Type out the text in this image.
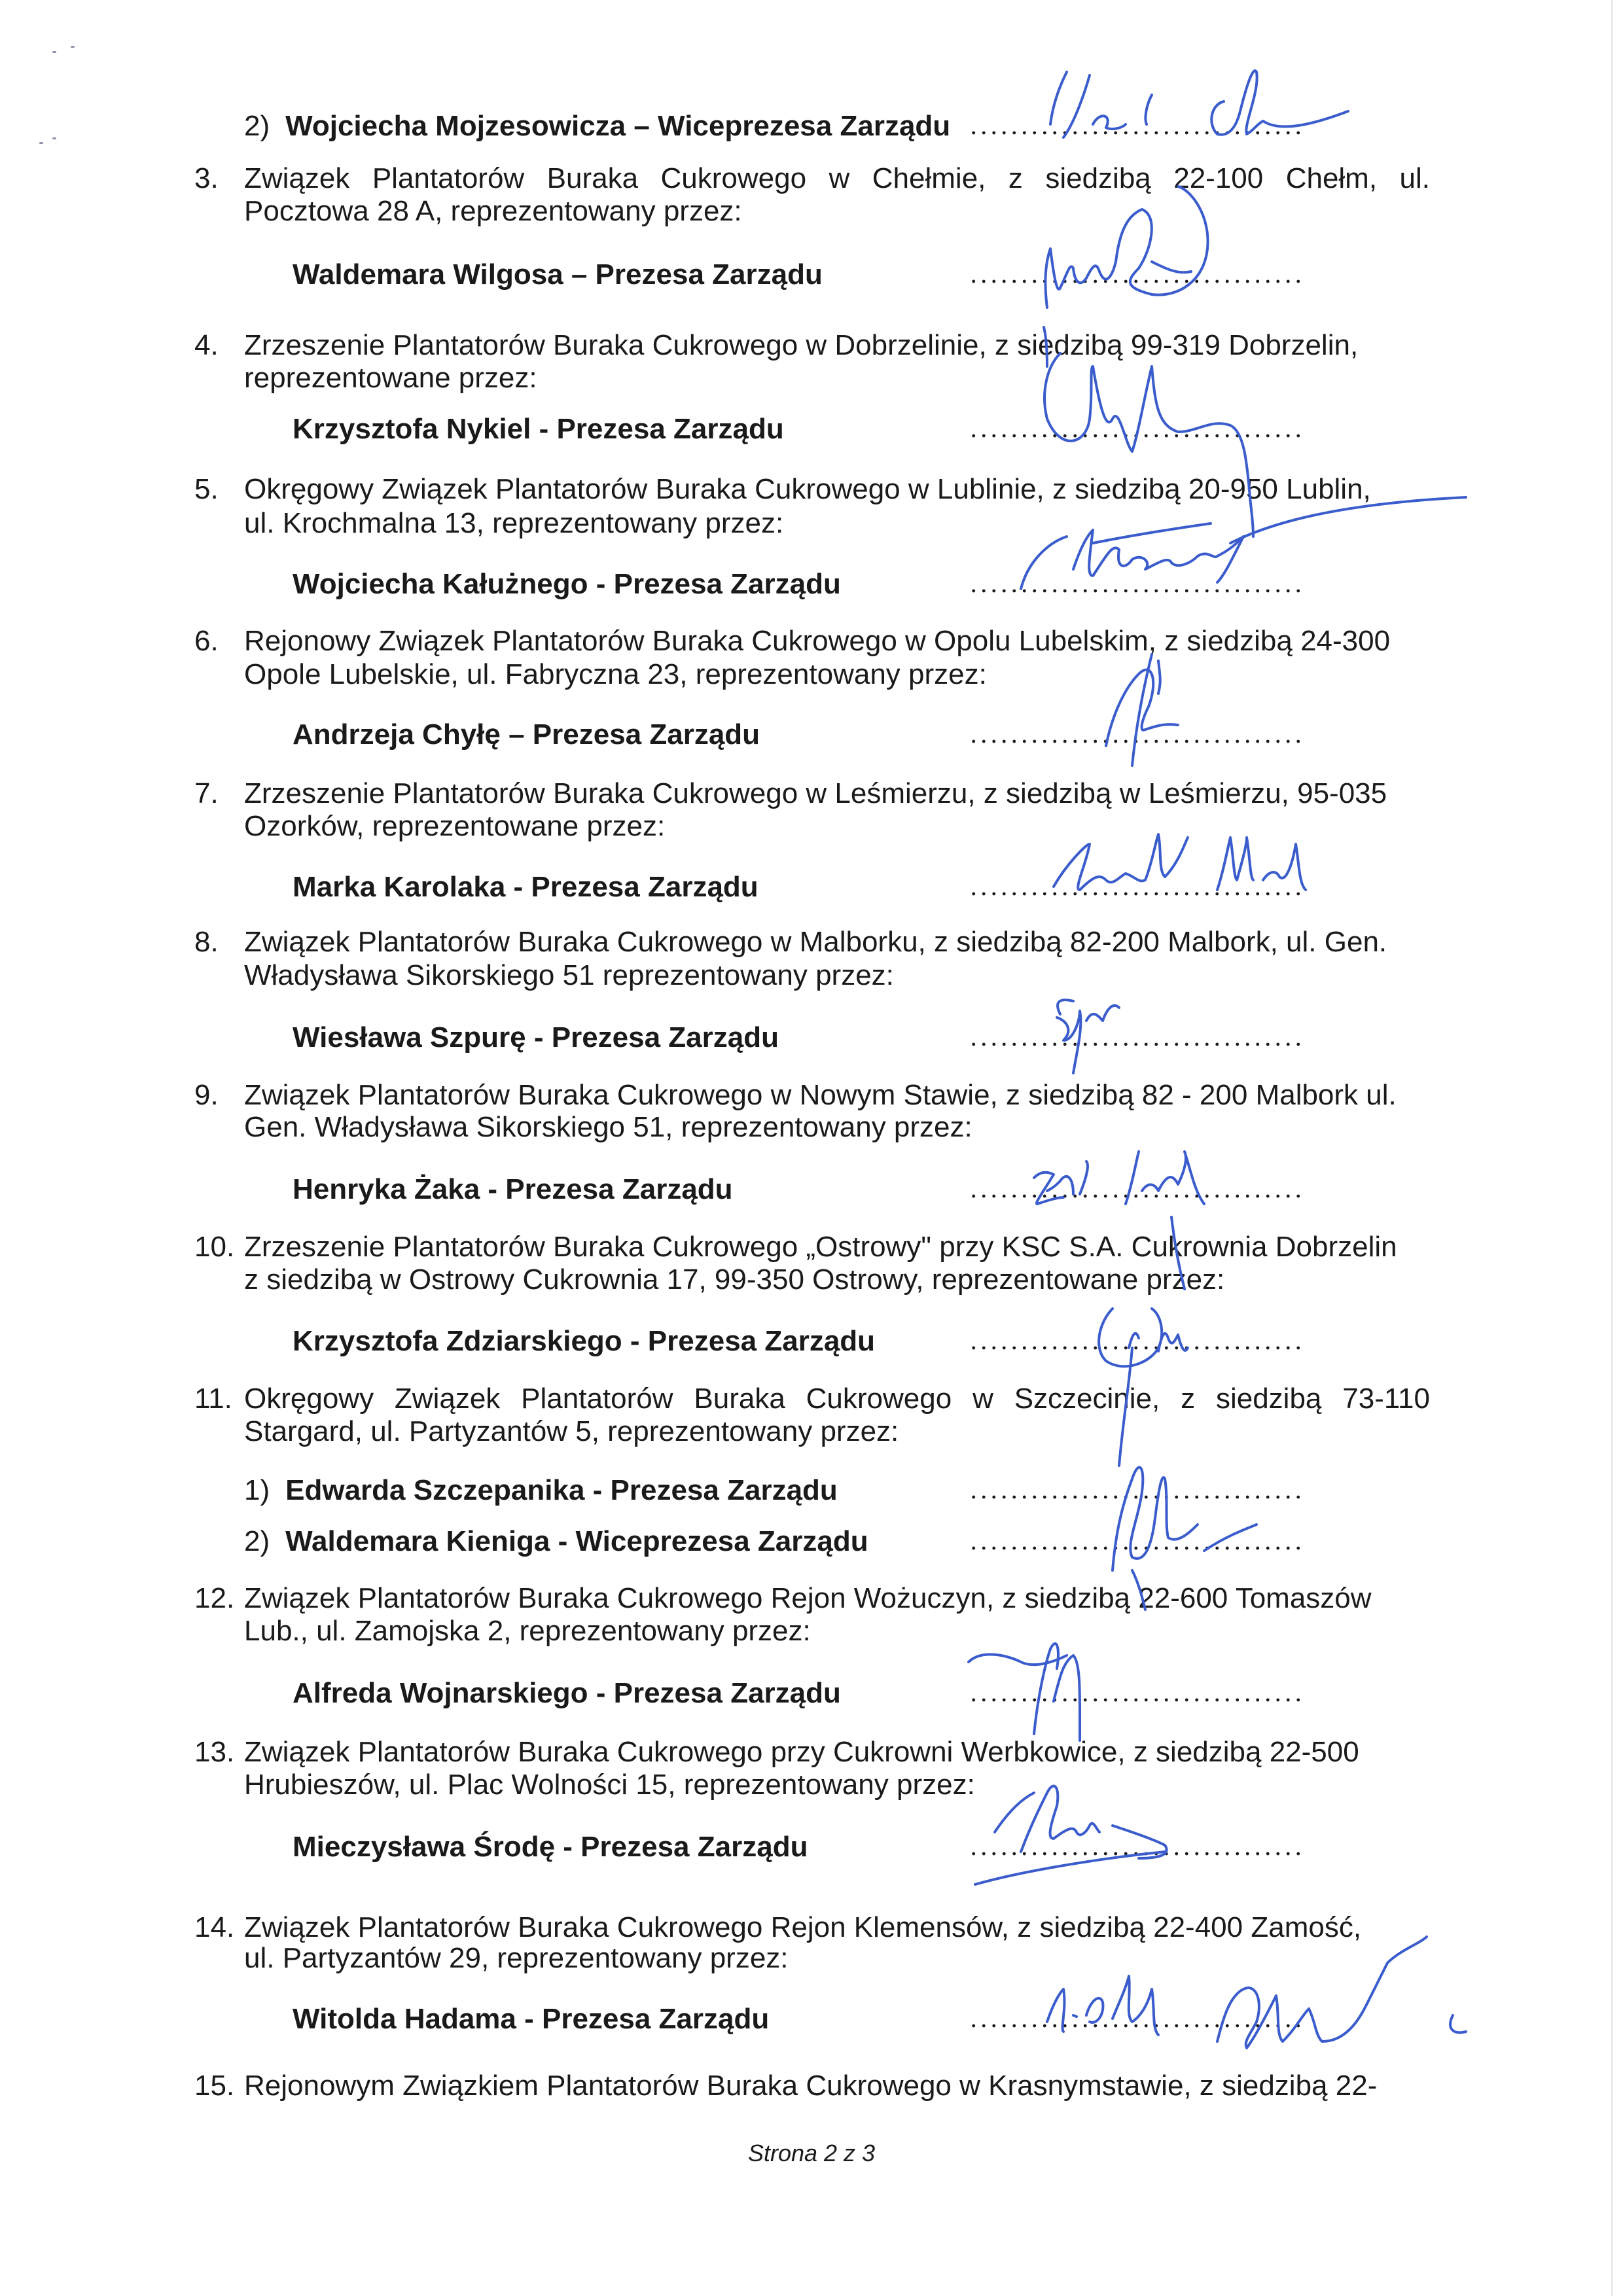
2) Wojciecha Mojzesowicza – Wiceprezesa Zarządu
3. Związek Plantatorów Buraka Cukrowego w Chełmie, z siedzibą 22-100 Chełm, ul.
Pocztowa 28 A, reprezentowany przez:
Waldemara Wilgosa – Prezesa Zarządu
4. Zrzeszenie Plantatorów Buraka Cukrowego w Dobrzelinie, z siedzibą 99-319 Dobrzelin,
reprezentowane przez:
Krzysztofa Nykiel - Prezesa Zarządu
5. Okręgowy Związek Plantatorów Buraka Cukrowego w Lublinie, z siedzibą 20-950 Lublin,
ul. Krochmalna 13, reprezentowany przez:
Wojciecha Kałużnego - Prezesa Zarządu
6. Rejonowy Związek Plantatorów Buraka Cukrowego w Opolu Lubelskim, z siedzibą 24-300
Opole Lubelskie, ul. Fabryczna 23, reprezentowany przez:
Andrzeja Chyłę – Prezesa Zarządu
7. Zrzeszenie Plantatorów Buraka Cukrowego w Leśmierzu, z siedzibą w Leśmierzu, 95-035
Ozorków, reprezentowane przez:
Marka Karolaka - Prezesa Zarządu
8. Związek Plantatorów Buraka Cukrowego w Malborku, z siedzibą 82-200 Malbork, ul. Gen.
Władysława Sikorskiego 51 reprezentowany przez:
Wiesława Szpurę - Prezesa Zarządu
9. Związek Plantatorów Buraka Cukrowego w Nowym Stawie, z siedzibą 82 - 200 Malbork ul.
Gen. Władysława Sikorskiego 51, reprezentowany przez:
Henryka Żaka - Prezesa Zarządu
10. Zrzeszenie Plantatorów Buraka Cukrowego „Ostrowy" przy KSC S.A. Cukrownia Dobrzelin
z siedzibą w Ostrowy Cukrownia 17, 99-350 Ostrowy, reprezentowane przez:
Krzysztofa Zdziarskiego - Prezesa Zarządu
11. Okręgowy Związek Plantatorów Buraka Cukrowego w Szczecinie, z siedzibą 73-110
Stargard, ul. Partyzantów 5, reprezentowany przez:
1) Edwarda Szczepanika - Prezesa Zarządu
2) Waldemara Kieniga - Wiceprezesa Zarządu
12. Związek Plantatorów Buraka Cukrowego Rejon Wożuczyn, z siedzibą 22-600 Tomaszów
Lub., ul. Zamojska 2, reprezentowany przez:
Alfreda Wojnarskiego - Prezesa Zarządu
13. Związek Plantatorów Buraka Cukrowego przy Cukrowni Werbkowice, z siedzibą 22-500
Hrubieszów, ul. Plac Wolności 15, reprezentowany przez:
Mieczysława Środę - Prezesa Zarządu
14. Związek Plantatorów Buraka Cukrowego Rejon Klemensów, z siedzibą 22-400 Zamość,
ul. Partyzantów 29, reprezentowany przez:
Witolda Hadama - Prezesa Zarządu
15. Rejonowym Związkiem Plantatorów Buraka Cukrowego w Krasnymstawie, z siedzibą 22-
Strona 2 z 3
